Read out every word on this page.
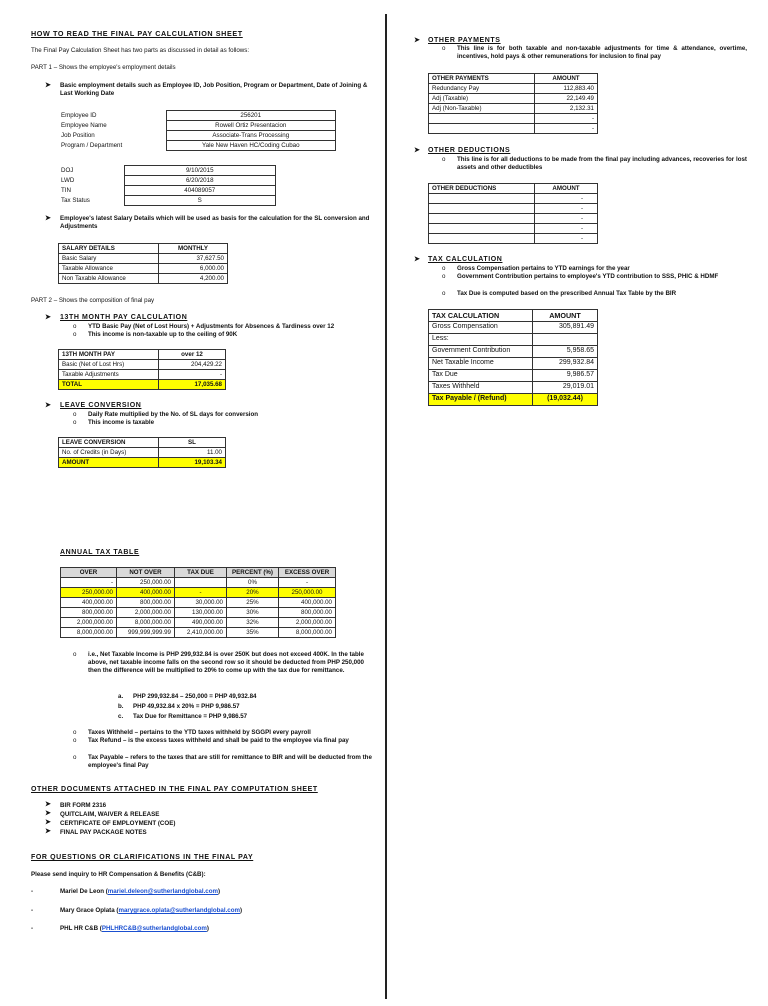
HOW TO READ THE FINAL PAY CALCULATION SHEET
The Final Pay Calculation Sheet has two parts as discussed in detail as follows:
PART 1 – Shows the employee's employment details
➤ Basic employment details such as Employee ID, Job Position, Program or Department, Date of Joining & Last Working Date
Employee ID	256201
Employee Name	Rowell Ortiz Presentacion
Job Position	Associate-Trans Processing
Program / Department	Yale New Haven HC/Coding Cubao
DOJ	9/10/2015
LWD	6/20/2018
TIN	404089057
Tax Status	S
➤ Employee's latest Salary Details which will be used as basis for the calculation for the SL conversion and Adjustments
SALARY DETAILS	MONTHLY
Basic Salary	37,627.50
Taxable Allowance	6,000.00
Non Taxable Allowance	4,200.00
PART 2 – Shows the composition of final pay
➤ 13TH MONTH PAY CALCULATION
o YTD Basic Pay (Net of Lost Hours) + Adjustments for Absences & Tardiness over 12
o This income is non-taxable up to the ceiling of 90K
13TH MONTH PAY	over 12
Basic (Net of Lost Hrs)	204,429.22
Taxable Adjustments	-
TOTAL	17,035.68
➤ LEAVE CONVERSION
o Daily Rate multiplied by the No. of SL days for conversion
o This income is taxable
LEAVE CONVERSION	SL
No. of Credits (in Days)	11.00
AMOUNT	19,103.34
➤ OTHER PAYMENTS
o This line is for both taxable and non-taxable adjustments for time & attendance, overtime, incentives, hold pays & other remunerations for inclusion to final pay
OTHER PAYMENTS	AMOUNT
Redundancy Pay	112,883.40
Adj (Taxable)	22,149.49
Adj (Non-Taxable)	2,132.31
	-
	-
➤ OTHER DEDUCTIONS
o This line is for all deductions to be made from the final pay including advances, recoveries for lost assets and other deductibles
OTHER DEDUCTIONS	AMOUNT
	-
	-
	-
	-
	-
➤ TAX CALCULATION
o Gross Compensation pertains to YTD earnings for the year
o Government Contribution pertains to employee's YTD contribution to SSS, PHIC & HDMF
o Tax Due is computed based on the prescribed Annual Tax Table by the BIR
TAX CALCULATION	AMOUNT
Gross Compensation	305,891.49
Less:	
Government Contribution	5,958.65
Net Taxable Income	299,932.84
Tax Due	9,986.57
Taxes Withheld	29,019.01
Tax Payable / (Refund)	(19,032.44)
ANNUAL TAX TABLE
OVER	NOT OVER	TAX DUE	PERCENT (%)	EXCESS OVER
-	250,000.00		0%	-
250,000.00	400,000.00	-	20%	250,000.00
400,000.00	800,000.00	30,000.00	25%	400,000.00
800,000.00	2,000,000.00	130,000.00	30%	800,000.00
2,000,000.00	8,000,000.00	490,000.00	32%	2,000,000.00
8,000,000.00	999,999,999.99	2,410,000.00	35%	8,000,000.00
o i.e., Net Taxable Income is PHP 299,932.84 is over 250K but does not exceed 400K. In the table above, net taxable income falls on the second row so it should be deducted from PHP 250,000 then the difference will be multiplied to 20% to come up with the tax due for remittance.
a. PHP 299,932.84 – 250,000 = PHP 49,932.84
b. PHP 49,932.84 x 20% = PHP 9,986.57
c. Tax Due for Remittance = PHP 9,986.57
o Taxes Withheld – pertains to the YTD taxes withheld by SGGPI every payroll
o Tax Refund – is the excess taxes withheld and shall be paid to the employee via final pay
o Tax Payable – refers to the taxes that are still for remittance to BIR and will be deducted from the employee's final Pay
OTHER DOCUMENTS ATTACHED IN THE FINAL PAY COMPUTATION SHEET
➤ BIR FORM 2316
➤ QUITCLAIM, WAIVER & RELEASE
➤ CERTIFICATE OF EMPLOYMENT (COE)
➤ FINAL PAY PACKAGE NOTES
FOR QUESTIONS OR CLARIFICATIONS IN THE FINAL PAY
Please send inquiry to HR Compensation & Benefits (C&B):
-	Mariel De Leon (mariel.deleon@sutherlandglobal.com)
-	Mary Grace Oplata (marygrace.oplata@sutherlandglobal.com)
-	PHL HR C&B (PHLHRC&B@sutherlandglobal.com)
